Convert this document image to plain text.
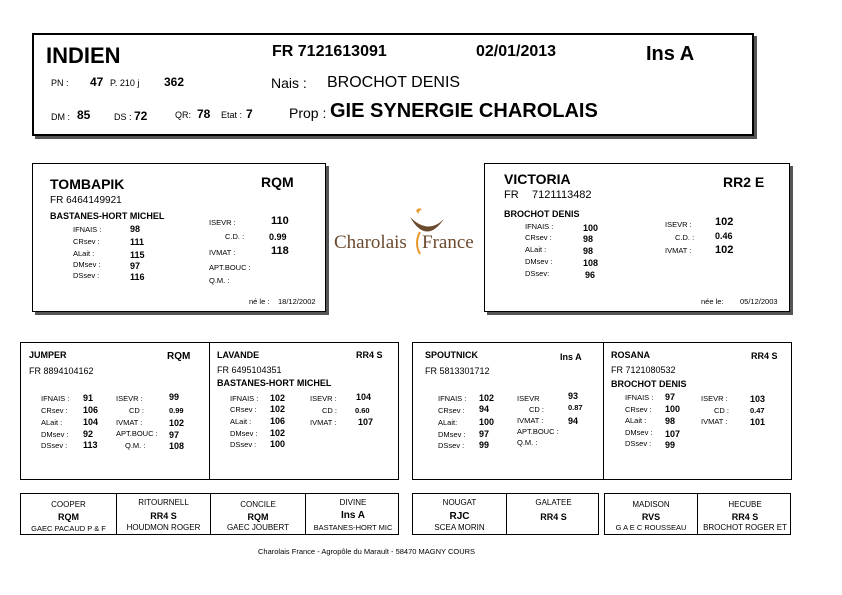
INDIEN	FR 7121613091	02/01/2013	Ins A
PN : 47 P. 210 j 362	Nais : BROCHOT DENIS
DM : 85	DS : 72	QR: 78 Etat : 7	Prop : GIE SYNERGIE CHAROLAIS
TOMBAPIK	RQM
FR 6464149921
BASTANES-HORT MICHEL
IFNAIS :	98
CRsev :	111
ALait :	115
DMsev :	97
DSsev :	116
ISEVR :	110
C.D. :	0.99
IVMAT :	118
APT.BOUC :
Q.M. :
né le : 18/12/2002
Charolais France
VICTORIA	RR2 E
FR 7121113482
BROCHOT DENIS
IFNAIS :	100
CRsev :	98
ALait :	98
DMsev :	108
DSsev:	96
ISEVR : 102
C.D. : 0.46
IVMAT : 102
née le: 05/12/2003
JUMPER	RQM
FR 8894104162
IFNAIS : 91
CRsev : 106
ALait : 104
DMsev : 92
DSsev : 113
ISEVR :	99
CD :	0.99
IVMAT :	102
APT.BOUC : 97
Q.M. :	108
LAVANDE	RR4 S
FR 6495104351
BASTANES-HORT MICHEL
IFNAIS : 102
CRsev : 102
ALait : 106
DMsev : 102
DSsev : 100
ISEVR : 104
CD : 0.60
IVMAT : 107
SPOUTNICK	Ins A
FR 5813301712
IFNAIS : 102
CRsev : 94
ALait: 100
DMsev : 97
DSsev : 99
ISEVR	93
CD :	0.87
IVMAT :	94
APT.BOUC :
Q.M. :
ROSANA	RR4 S
FR 7121080532
BROCHOT DENIS
IFNAIS : 97
CRsev : 100
ALait : 98
DMsev : 107
DSsev : 99
ISEVR : 103
CD :	0.47
IVMAT :	101
COOPER
RQM
GAEC PACAUD P & F
RITOURNELL
RR4 S
HOUDMON ROGER
CONCILE
RQM
GAEC JOUBERT
DIVINE
Ins A
BASTANES-HORT MIC
NOUGAT
RJC
SCEA MORIN
GALATEE
RR4 S
MADISON
RVS
G A E C ROUSSEAU
HECUBE
RR4 S
BROCHOT ROGER ET
Charolais France - Agropôle du Marault - 58470 MAGNY COURS
